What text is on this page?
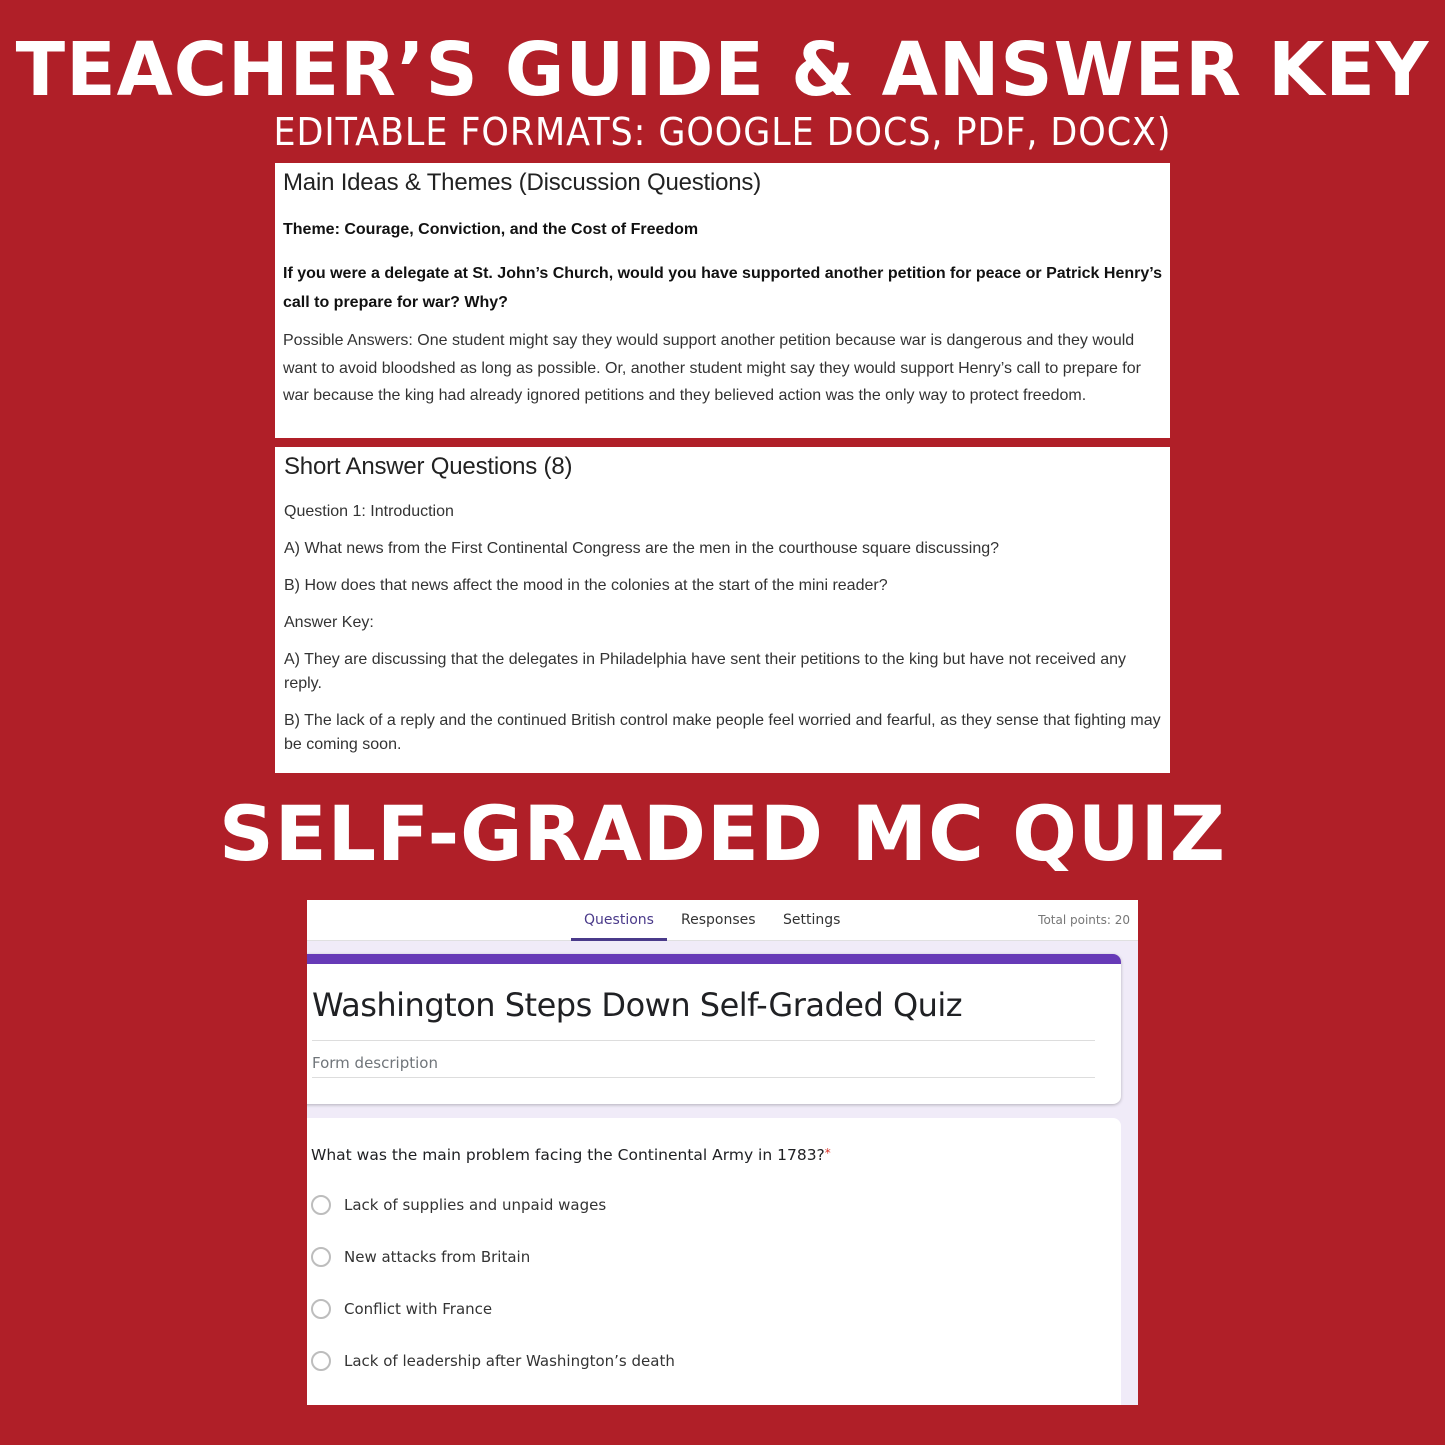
TEACHER’S GUIDE & ANSWER KEY
EDITABLE FORMATS: GOOGLE DOCS, PDF, DOCX)
Main Ideas & Themes (Discussion Questions)
Theme: Courage, Conviction, and the Cost of Freedom
If you were a delegate at St. John’s Church, would you have supported another petition for peace or Patrick Henry’s call to prepare for war? Why?
Possible Answers: One student might say they would support another petition because war is dangerous and they would want to avoid bloodshed as long as possible. Or, another student might say they would support Henry’s call to prepare for war because the king had already ignored petitions and they believed action was the only way to protect freedom.
Short Answer Questions (8)
Question 1: Introduction
A) What news from the First Continental Congress are the men in the courthouse square discussing?
B) How does that news affect the mood in the colonies at the start of the mini reader?
Answer Key:
A) They are discussing that the delegates in Philadelphia have sent their petitions to the king but have not received any reply.
B) The lack of a reply and the continued British control make people feel worried and fearful, as they sense that fighting may be coming soon.
SELF-GRADED MC QUIZ
Questions	Responses Settings	Total points: 20
Washington Steps Down Self-Graded Quiz
Form description
What was the main problem facing the Continental Army in 1783?*
Lack of supplies and unpaid wages
New attacks from Britain
Conflict with France
Lack of leadership after Washington’s death
